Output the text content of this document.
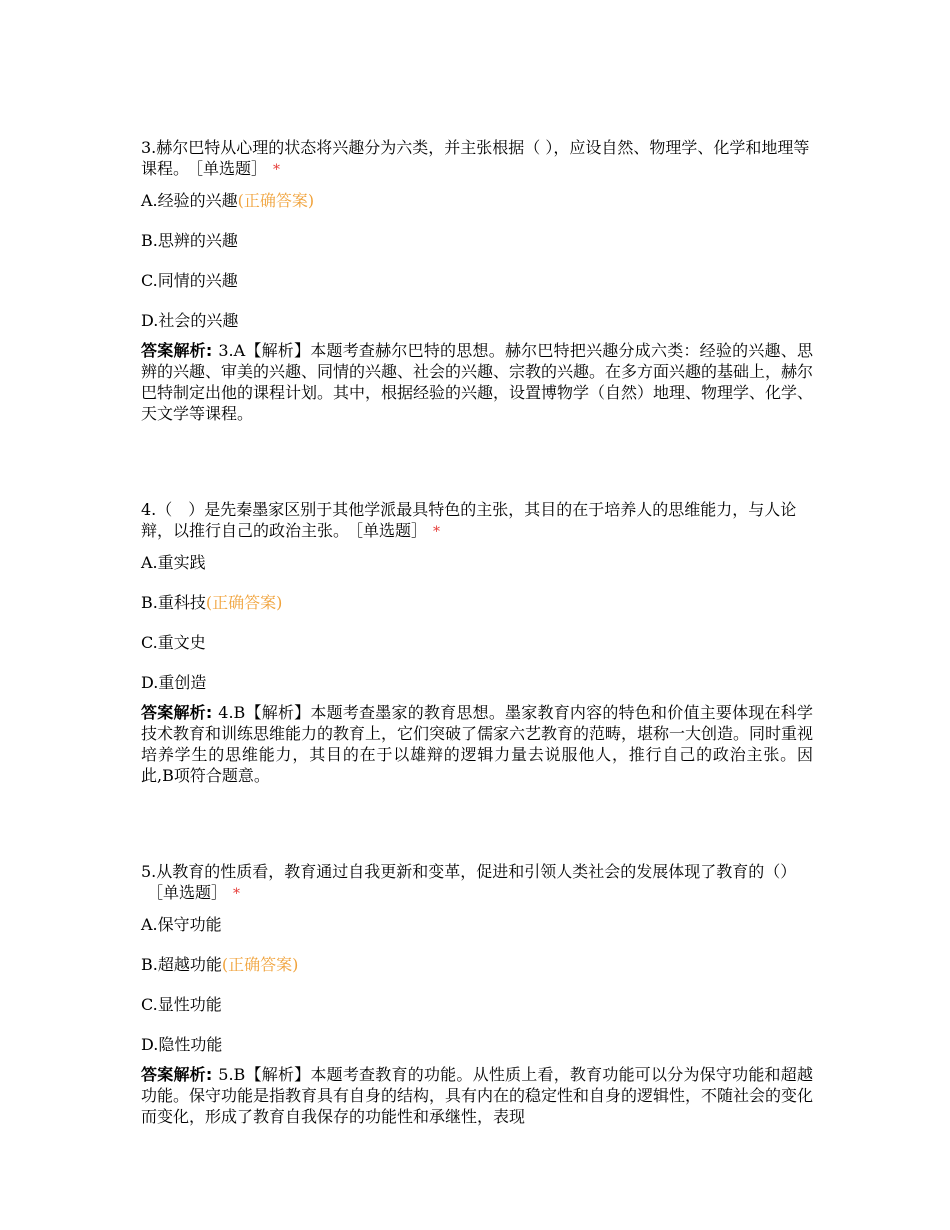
3.赫尔巴特从心理的状态将兴趣分为六类，并主张根据（ ），应设自然、物理学、化学和地理等课程。 ［单选题］ *

A.经验的兴趣(正确答案)
B.思辨的兴趣
C.同情的兴趣
D.社会的兴趣

答案解析: 3.A【解析】本题考查赫尔巴特的思想。赫尔巴特把兴趣分成六类：经验的兴趣、思辨的兴趣、审美的兴趣、同情的兴趣、社会的兴趣、宗教的兴趣。在多方面兴趣的基础上，赫尔巴特制定出他的课程计划。其中，根据经验的兴趣，设置博物学（自然）地理、物理学、化学、天文学等课程。

4.（　）是先秦墨家区别于其他学派最具特色的主张，其目的在于培养人的思维能力，与人论辩，以推行自己的政治主张。 ［单选题］ *

A.重实践
B.重科技(正确答案)
C.重文史
D.重创造

答案解析: 4.B【解析】本题考查墨家的教育思想。墨家教育内容的特色和价值主要体现在科学技术教育和训练思维能力的教育上，它们突破了儒家六艺教育的范畴，堪称一大创造。同时重视培养学生的思维能力，其目的在于以雄辩的逻辑力量去说服他人，推行自己的政治主张。因此,B项符合题意。

5.从教育的性质看，教育通过自我更新和变革，促进和引领人类社会的发展体现了教育的（）［单选题］ *

A.保守功能
B.超越功能(正确答案)
C.显性功能
D.隐性功能

答案解析: 5.B【解析】本题考查教育的功能。从性质上看，教育功能可以分为保守功能和超越功能。保守功能是指教育具有自身的结构，具有内在的稳定性和自身的逻辑性，不随社会的变化而变化，形成了教育自我保存的功能性和承继性，表现
